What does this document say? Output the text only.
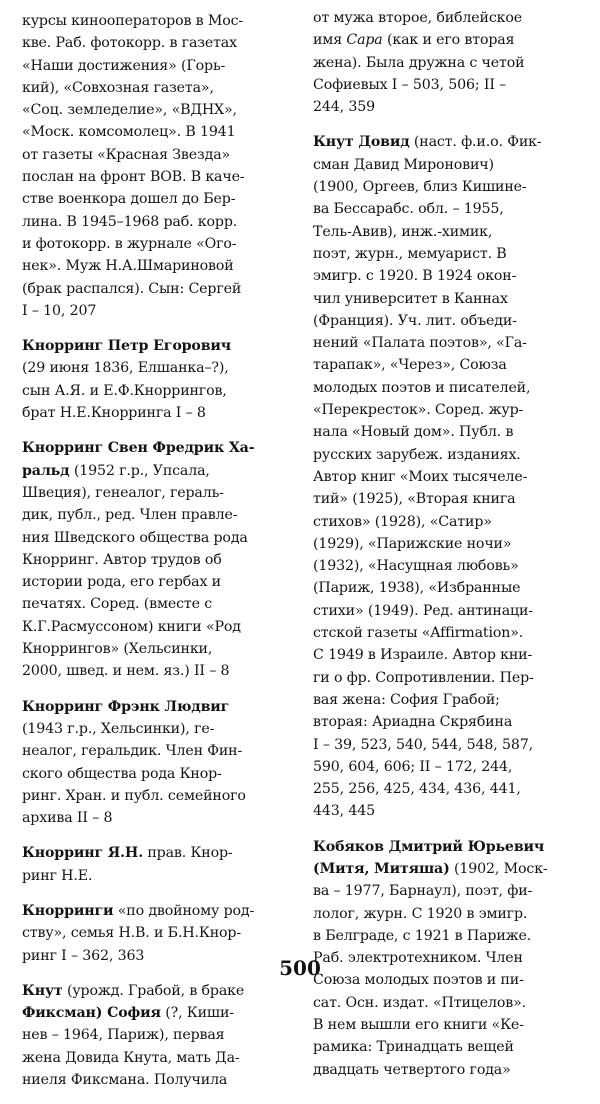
курсы кинооператоров в Мос-
кве. Раб. фотокорр. в газетах
«Наши достижения» (Горь-
кий), «Совхозная газета»,
«Соц. земледелие», «ВДНХ»,
«Моск. комсомолец». В 1941
от газеты «Красная Звезда»
послан на фронт ВОВ. В каче-
стве военкора дошел до Бер-
лина. В 1945–1968 раб. корр.
и фотокорр. в журнале «Ого-
нек». Муж Н.А.Шмариновой
(брак распался). Сын: Сергей
I – 10, 207
Кнорринг Петр Егорович
(29 июня 1836, Елшанка–?),
сын А.Я. и Е.Ф.Кноррингов,
брат Н.Е.Кнорринга I – 8
Кнорринг Свен Фредрик Ха-
ральд (1952 г.р., Упсала,
Швеция), генеалог, гераль-
дик, публ., ред. Член правле-
ния Шведского общества рода
Кнорринг. Автор трудов об
истории рода, его гербах и
печатях. Соред. (вместе с
К.Г.Расмуссоном) книги «Род
Кноррингов» (Хельсинки,
2000, швед. и нем. яз.) II – 8
Кнорринг Фрэнк Людвиг
(1943 г.р., Хельсинки), ге-
неалог, геральдик. Член Фин-
ского общества рода Кнор-
ринг. Хран. и публ. семейного
архива II – 8
Кнорринг Я.Н. прав. Кнор-
ринг Н.Е.
Кнорринги «по двойному род-
ству», семья Н.В. и Б.Н.Кнор-
ринг I – 362, 363
Кнут (урожд. Грабой, в браке
Фиксман) София (?, Киши-
нев – 1964, Париж), первая
жена Довида Кнута, мать Да-
ниеля Фиксмана. Получила
от мужа второе, библейское
имя Сара (как и его вторая
жена). Была дружна с четой
Софиевых I – 503, 506; II –
244, 359
Кнут Довид (наст. ф.и.о. Фик-
сман Давид Миронович)
(1900, Оргеев, близ Кишине-
ва Бессарабс. обл. – 1955,
Тель-Авив), инж.-химик,
поэт, журн., мемуарист. В
эмигр. с 1920. В 1924 окон-
чил университет в Каннах
(Франция). Уч. лит. объеди-
нений «Палата поэтов», «Га-
тарапак», «Через», Союза
молодых поэтов и писателей,
«Перекресток». Соред. жур-
нала «Новый дом». Публ. в
русских зарубеж. изданиях.
Автор книг «Моих тысячеле-
тий» (1925), «Вторая книга
стихов» (1928), «Сатир»
(1929), «Парижские ночи»
(1932), «Насущная любовь»
(Париж, 1938), «Избранные
стихи» (1949). Ред. антинаци-
стской газеты «Affirmation».
С 1949 в Израиле. Автор кни-
ги о фр. Сопротивлении. Пер-
вая жена: София Грабой;
вторая: Ариадна Скрябина
I – 39, 523, 540, 544, 548, 587,
590, 604, 606; II – 172, 244,
255, 256, 425, 434, 436, 441,
443, 445
Кобяков Дмитрий Юрьевич
(Митя, Митяша) (1902, Моск-
ва – 1977, Барнаул), поэт, фи-
лолог, журн. С 1920 в эмигр.
в Белграде, с 1921 в Париже.
Раб. электротехником. Член
Союза молодых поэтов и пи-
сат. Осн. издат. «Птицелов».
В нем вышли его книги «Ке-
рамика: Тринадцать вещей
двадцать четвертого года»
500
